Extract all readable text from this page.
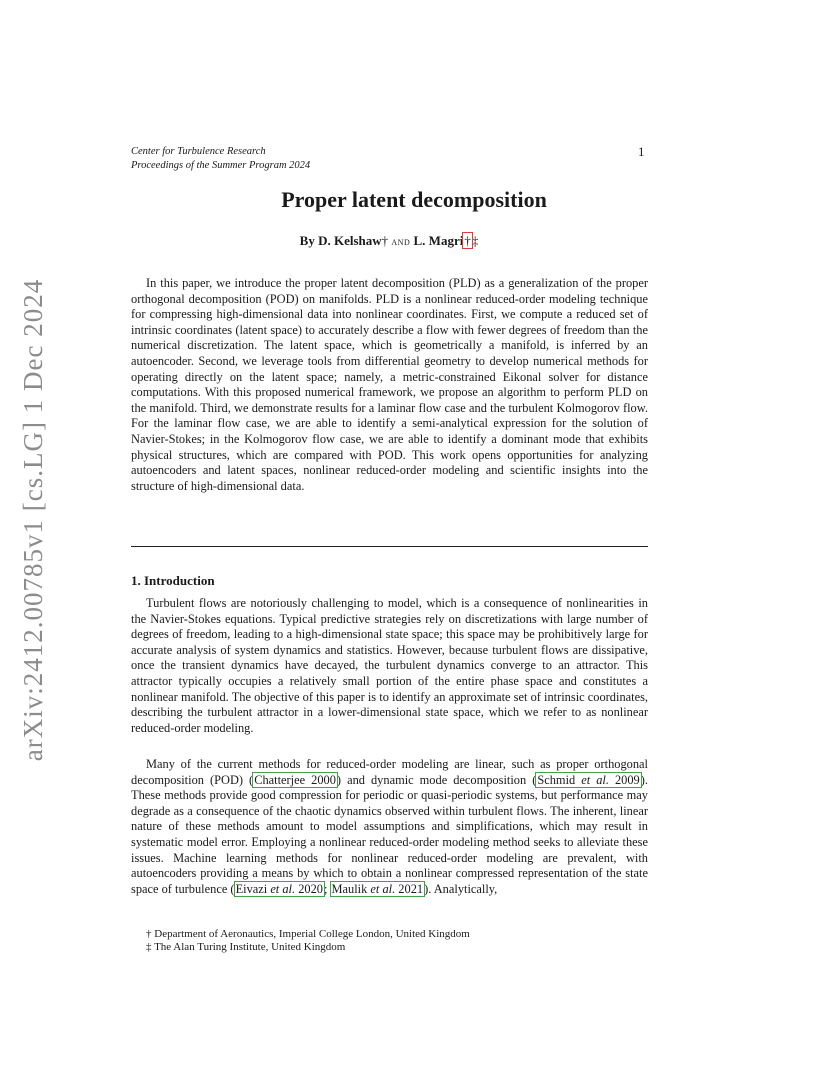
arXiv:2412.00785v1 [cs.LG] 1 Dec 2024
Center for Turbulence Research
Proceedings of the Summer Program 2024
1
Proper latent decomposition
By D. Kelshaw† and L. Magri†‡

In this paper, we introduce the proper latent decomposition (PLD) as a generalization of the proper orthogonal decomposition (POD) on manifolds. PLD is a nonlinear reduced-order modeling technique for compressing high-dimensional data into nonlinear coordinates. First, we compute a reduced set of intrinsic coordinates (latent space) to accurately describe a flow with fewer degrees of freedom than the numerical discretization. The latent space, which is geometrically a manifold, is inferred by an autoencoder. Second, we leverage tools from differential geometry to develop numerical methods for operating directly on the latent space; namely, a metric-constrained Eikonal solver for distance computations. With this proposed numerical framework, we propose an algorithm to perform PLD on the manifold. Third, we demonstrate results for a laminar flow case and the turbulent Kolmogorov flow. For the laminar flow case, we are able to identify a semi-analytical expression for the solution of Navier-Stokes; in the Kolmogorov flow case, we are able to identify a dominant mode that exhibits physical structures, which are compared with POD. This work opens opportunities for analyzing autoencoders and latent spaces, nonlinear reduced-order modeling and scientific insights into the structure of high-dimensional data.

1. Introduction

Turbulent flows are notoriously challenging to model, which is a consequence of nonlinearities in the Navier-Stokes equations. Typical predictive strategies rely on discretizations with large number of degrees of freedom, leading to a high-dimensional state space; this space may be prohibitively large for accurate analysis of system dynamics and statistics. However, because turbulent flows are dissipative, once the transient dynamics have decayed, the turbulent dynamics converge to an attractor. This attractor typically occupies a relatively small portion of the entire phase space and constitutes a nonlinear manifold. The objective of this paper is to identify an approximate set of intrinsic coordinates, describing the turbulent attractor in a lower-dimensional state space, which we refer to as nonlinear reduced-order modeling.

Many of the current methods for reduced-order modeling are linear, such as proper orthogonal decomposition (POD) (Chatterjee 2000) and dynamic mode decomposition (Schmid et al. 2009). These methods provide good compression for periodic or quasi-periodic systems, but performance may degrade as a consequence of the chaotic dynamics observed within turbulent flows. The inherent, linear nature of these methods amount to model assumptions and simplifications, which may result in systematic model error. Employing a nonlinear reduced-order modeling method seeks to alleviate these issues. Machine learning methods for nonlinear reduced-order modeling are prevalent, with autoencoders providing a means by which to obtain a nonlinear compressed representation of the state space of turbulence (Eivazi et al. 2020; Maulik et al. 2021). Analytically,

† Department of Aeronautics, Imperial College London, United Kingdom
‡ The Alan Turing Institute, United Kingdom
